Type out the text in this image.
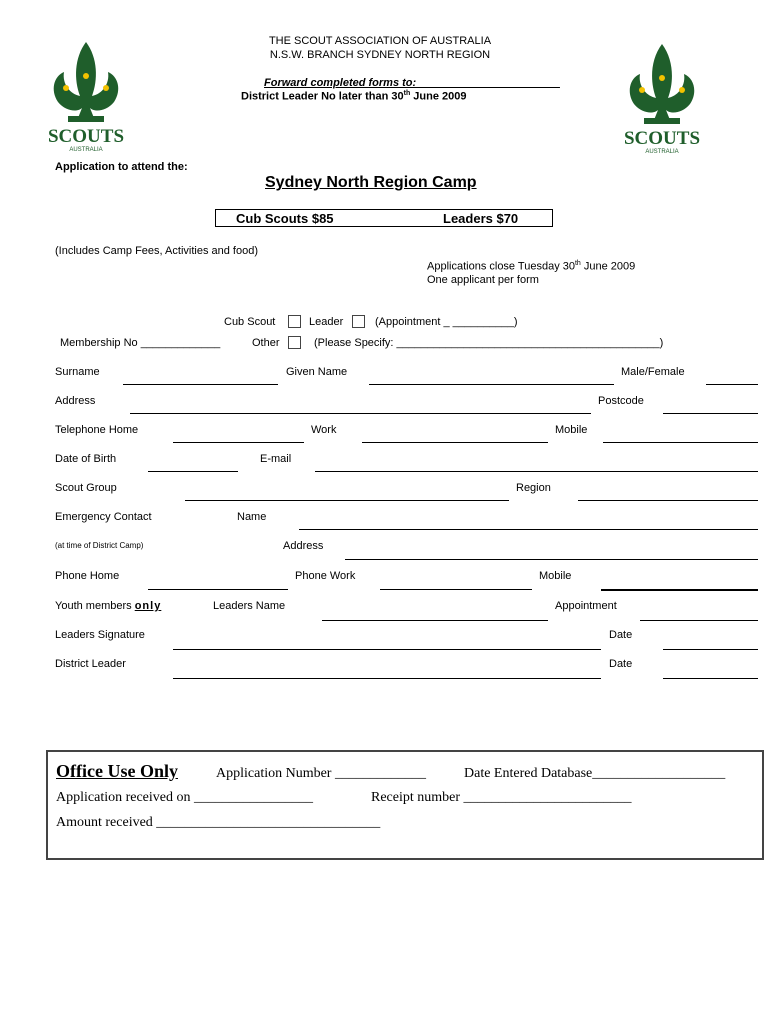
SCOUTS
AUSTRALIA
SCOUTS
AUSTRALIA
THE SCOUT ASSOCIATION OF AUSTRALIA
N.S.W. BRANCH SYDNEY NORTH REGION
Forward completed forms to: _______________________
District Leader No later than 30th June 2009
Application to attend the:
Sydney North Region Camp
Cub Scouts $85	Leaders $70
(Includes Camp Fees, Activities and food)
Applications close Tuesday 30th June 2009
One applicant per form
Cub Scout	Leader	(Appointment _ __________)
Membership No _____________	Other	(Please Specify: ___________________________________________)
Surname	Given Name	Male/Female
Address	Postcode
Telephone Home	Work	Mobile
Date of Birth	E-mail
Scout Group	Region
Emergency Contact	Name
(at time of District Camp)	Address
Phone Home	Phone Work	Mobile
Youth members only	Leaders Name	Appointment
Leaders Signature	Date
District Leader	Date
Office Use Only	Application Number _____________	Date Entered Database___________________
Application received on _________________	Receipt number ________________________
Amount received ________________________________
